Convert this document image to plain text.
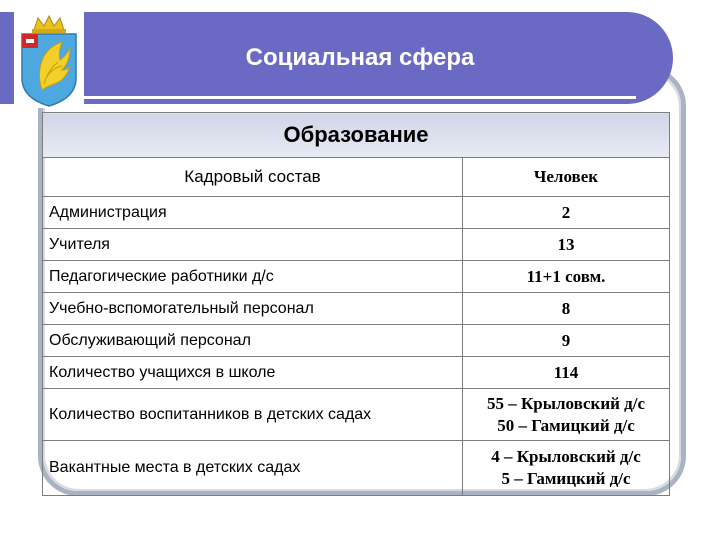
Социальная сфера
Образование	
Кадровый состав	Человек
Администрация	2
Учителя	13
Педагогические работники д/с	11+1 совм.
Учебно-вспомогательный персонал	8
Обслуживающий персонал	9
Количество учащихся в школе	114
Количество воспитанников в детских садах	55 – Крыловский д/с
50 – Гамицкий д/с

Вакантные места в детских садах	4 – Крыловский д/с
5 – Гамицкий д/с
